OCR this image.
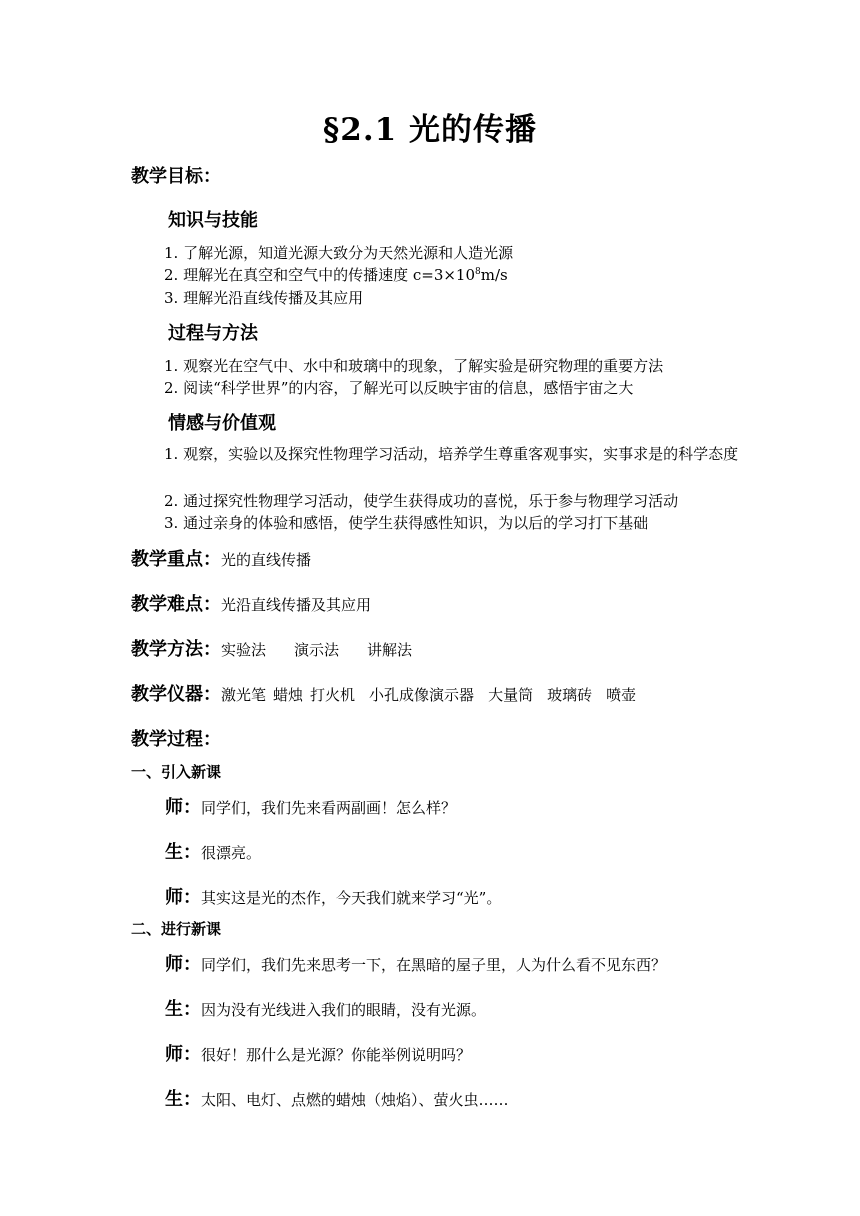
§2.1 光的传播
教学目标：
知识与技能
1. 了解光源，知道光源大致分为天然光源和人造光源
2. 理解光在真空和空气中的传播速度 $c=3\times 10^8m/s$
3. 理解光沿直线传播及其应用
过程与方法
1. 观察光在空气中、水中和玻璃中的现象，了解实验是研究物理的重要方法
2. 阅读“科学世界”的内容，了解光可以反映宇宙的信息，感悟宇宙之大
情感与价值观
1. 观察，实验以及探究性物理学习活动，培养学生尊重客观事实，实事求是的科学态度
2. 通过探究性物理学习活动，使学生获得成功的喜悦，乐于参与物理学习活动
3. 通过亲身的体验和感悟，使学生获得感性知识，为以后的学习打下基础
教学重点：光的直线传播
教学难点：光沿直线传播及其应用
教学方法：实验法 演示法 讲解法
教学仪器：激光笔 蜡烛 打火机 小孔成像演示器 大量筒 玻璃砖 喷壶
教学过程：
一、引入新课
师：同学们，我们先来看两副画！怎么样？
生：很漂亮。
师：其实这是光的杰作，今天我们就来学习“光”。
二、进行新课
师：同学们，我们先来思考一下，在黑暗的屋子里，人为什么看不见东西？
生：因为没有光线进入我们的眼睛，没有光源。
师：很好！那什么是光源？你能举例说明吗？
生：太阳、电灯、点燃的蜡烛（烛焰）、萤火虫……
